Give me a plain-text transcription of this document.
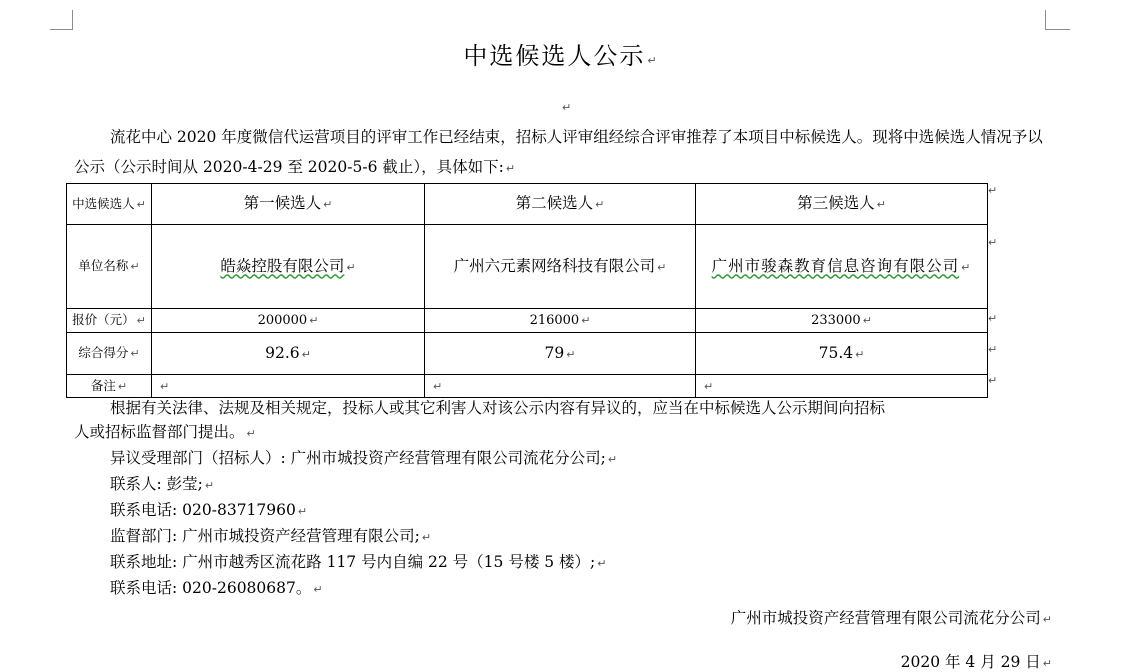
中选候选人公示 ↵
↵
流花中心 2020 年度微信代运营项目的评审工作已经结束，招标人评审组经综合评审推荐了本项目中标候选人。现将中选候选人情况予以公示（公示时间从 2020-4-29 至 2020-5-6 截止），具体如下: ↵
中选候选人 ↵	第一候选人 ↵	第二候选人 ↵	第三候选人 ↵
单位名称 ↵	皓焱控股有限公司 ↵	广州六元素网络科技有限公司 ↵	广州市骏森教育信息咨询有限公司 ↵
报价（元） ↵	200000 ↵	216000 ↵	233000 ↵
综合得分 ↵	92.6 ↵	79 ↵	75.4 ↵
备注 ↵	↵	↵	↵
↵
↵
↵
↵
↵
根据有关法律、法规及相关规定，投标人或其它利害人对该公示内容有异议的，应当在中标候选人公示期间向招标
人或招标监督部门提出。 ↵
异议受理部门（招标人）: 广州市城投资产经营管理有限公司流花分公司; ↵
联系人: 彭莹; ↵
联系电话: 020-83717960 ↵
监督部门: 广州市城投资产经营管理有限公司; ↵
联系地址: 广州市越秀区流花路 117 号内自编 22 号（15 号楼 5 楼）; ↵
联系电话: 020-26080687。 ↵
广州市城投资产经营管理有限公司流花分公司 ↵
2020 年 4 月 29 日 ↵
